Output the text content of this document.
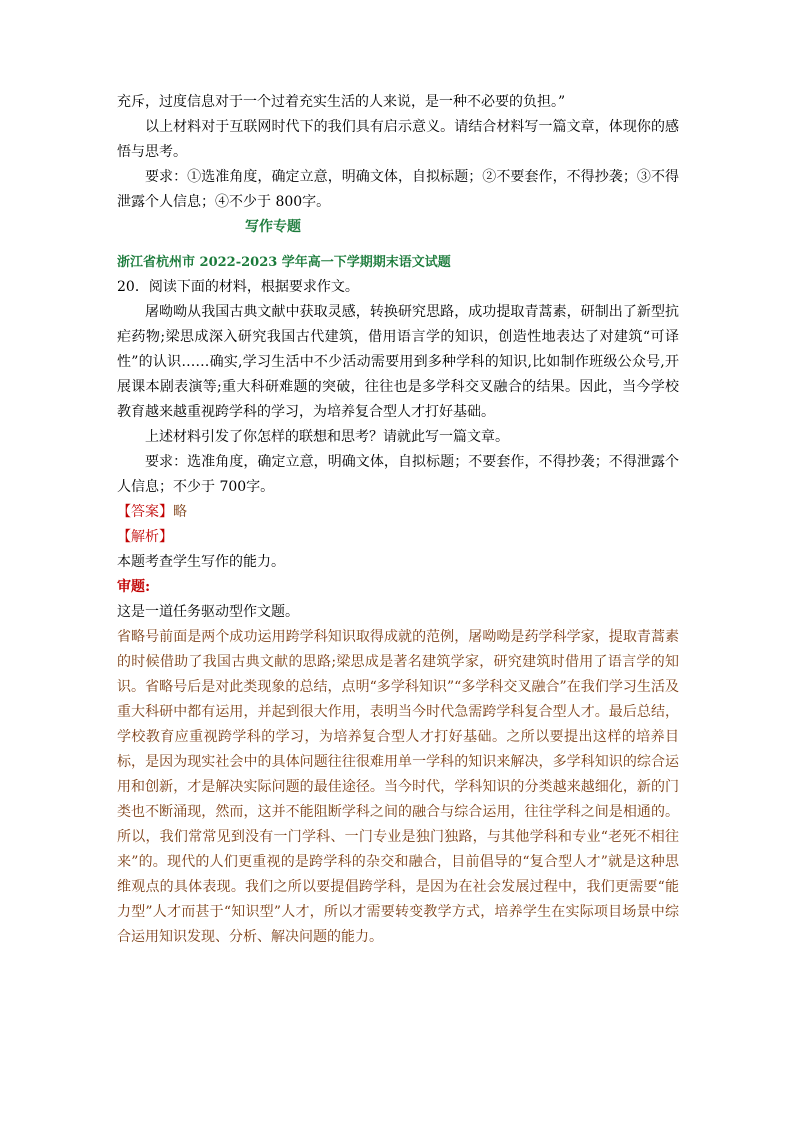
充斥，过度信息对于一个过着充实生活的人来说，是一种不必要的负担。”

以上材料对于互联网时代下的我们具有启示意义。请结合材料写一篇文章，体现你的感悟与思考。

要求：①选准角度，确定立意，明确文体，自拟标题；②不要套作，不得抄袭；③不得泄露个人信息；④不少于 800字。

写作专题
浙江省杭州市 2022-2023 学年高一下学期期末语文试题

20．阅读下面的材料，根据要求作文。

屠呦呦从我国古典文献中获取灵感，转换研究思路，成功提取青蒿素，研制出了新型抗疟药物;梁思成深入研究我国古代建筑，借用语言学的知识，创造性地表达了对建筑“可译性”的认识……确实,学习生活中不少活动需要用到多种学科的知识,比如制作班级公众号,开展课本剧表演等;重大科研难题的突破，往往也是多学科交叉融合的结果。因此，当今学校教育越来越重视跨学科的学习，为培养复合型人才打好基础。

上述材料引发了你怎样的联想和思考？请就此写一篇文章。

要求：选准角度，确定立意，明确文体，自拟标题；不要套作，不得抄袭；不得泄露个人信息；不少于 700字。

【答案】略

【解析】

本题考查学生写作的能力。

审题:

这是一道任务驱动型作文题。

省略号前面是两个成功运用跨学科知识取得成就的范例，屠呦呦是药学科学家，提取青蒿素的时候借助了我国古典文献的思路;梁思成是著名建筑学家，研究建筑时借用了语言学的知识。省略号后是对此类现象的总结，点明“多学科知识”“多学科交叉融合”在我们学习生活及重大科研中都有运用，并起到很大作用，表明当今时代急需跨学科复合型人才。最后总结，学校教育应重视跨学科的学习，为培养复合型人才打好基础。之所以要提出这样的培养目标，是因为现实社会中的具体问题往往很难用单一学科的知识来解决，多学科知识的综合运用和创新，才是解决实际问题的最佳途径。当今时代，学科知识的分类越来越细化，新的门类也不断涌现，然而，这并不能阻断学科之间的融合与综合运用，往往学科之间是相通的。所以，我们常常见到没有一门学科、一门专业是独门独路，与其他学科和专业“老死不相往来”的。现代的人们更重视的是跨学科的杂交和融合，目前倡导的“复合型人才”就是这种思维观点的具体表现。我们之所以要提倡跨学科，是因为在社会发展过程中，我们更需要“能力型”人才而甚于“知识型”人才，所以才需要转变教学方式，培养学生在实际项目场景中综合运用知识发现、分析、解决问题的能力。
